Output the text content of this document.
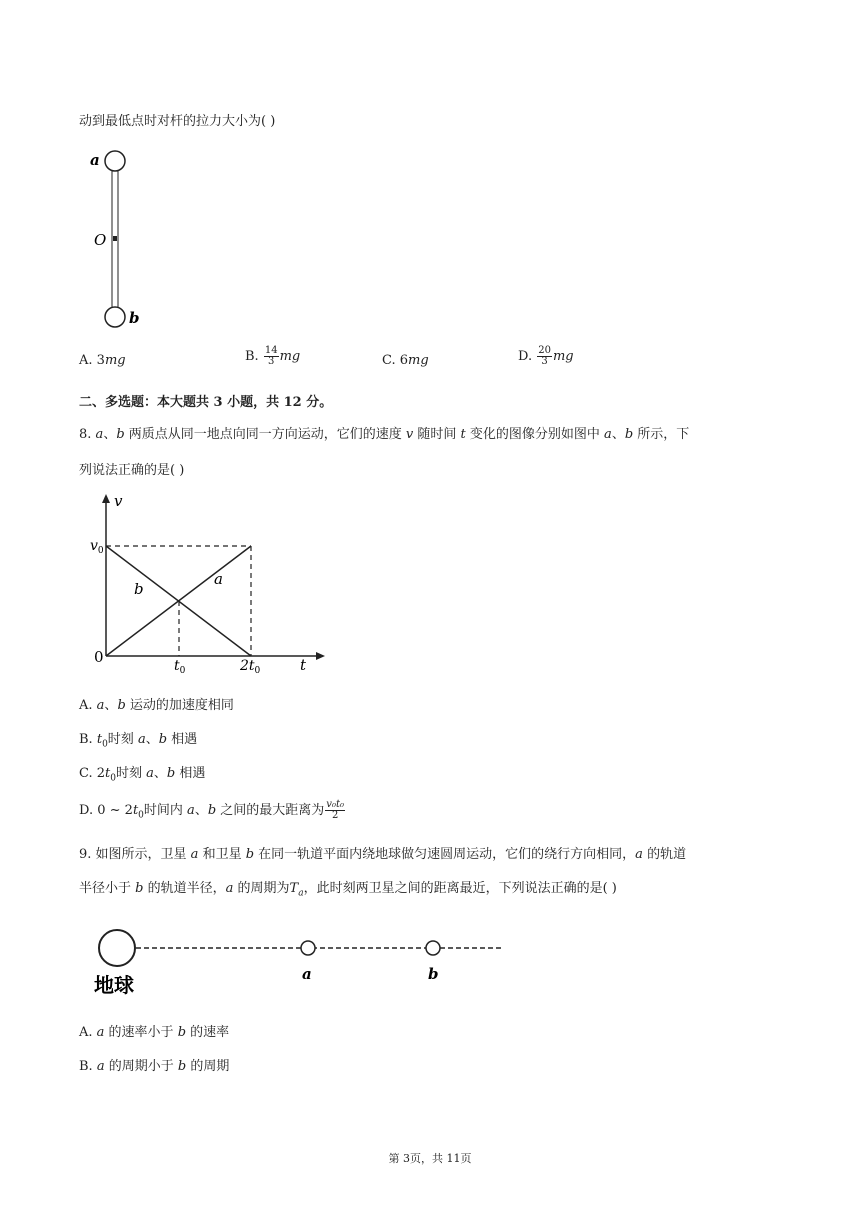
动到最低点时对杆的拉力大小为( )
a
O
b
A. 3mg	B. $\frac{14}{3}$ mg	C. 6mg	D. $\frac{20}{3}$ mg
二、多选题：本大题共 3 小题，共 12 分。
8. a、b 两质点从同一地点向同一方向运动，它们的速度 v 随时间 t 变化的图像分别如图中 a、b 所示，下
列说法正确的是( )
v
$v_0$
b
a
0	$t_0$	$2t_0$	t
A. a、b 运动的加速度相同
B. $t_0$时刻 a、b 相遇
C. $2t_0$时刻 a、b 相遇
D. 0 ~ $2t_0$时间内 a、b 之间的最大距离为 $\frac{\text{v₀t₀}}{2}$
9. 如图所示，卫星 a 和卫星 b 在同一轨道平面内绕地球做匀速圆周运动，它们的绕行方向相同，a 的轨道
半径小于 b 的轨道半径，a 的周期为$T_a$，此时刻两卫星之间的距离最近，下列说法正确的是( )
地球	a	b
A. a 的速率小于 b 的速率
B. a 的周期小于 b 的周期
第 3页，共 11页
